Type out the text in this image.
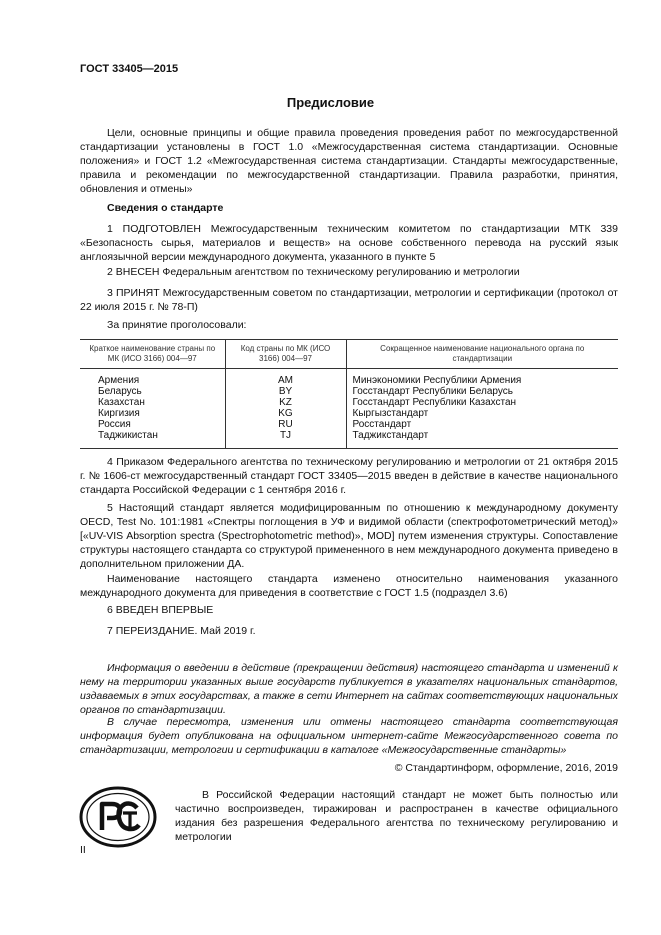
ГОСТ 33405—2015
Предисловие
Цели, основные принципы и общие правила проведения проведения работ по межгосударственной стандартизации установлены в ГОСТ 1.0 «Межгосударственная система стандартизации. Основные положения» и ГОСТ 1.2 «Межгосударственная система стандартизации. Стандарты межгосударственные, правила и рекомендации по межгосударственной стандартизации. Правила разработки, принятия, обновления и отмены»
Сведения о стандарте
1 ПОДГОТОВЛЕН Межгосударственным техническим комитетом по стандартизации МТК 339 «Безопасность сырья, материалов и веществ» на основе собственного перевода на русский язык англоязычной версии международного документа, указанного в пункте 5
2 ВНЕСЕН Федеральным агентством по техническому регулированию и метрологии
3 ПРИНЯТ Межгосударственным советом по стандартизации, метрологии и сертификации (протокол от 22 июля 2015 г. № 78-П)
За принятие проголосовали:
Краткое наименование страны по МК (ИСО 3166) 004—97	Код страны по МК (ИСО 3166) 004—97	Сокращенное наименование национального органа по стандартизации
Армения	AM	Минэкономики Республики Армения
Беларусь	BY	Госстандарт Республики Беларусь
Казахстан	KZ	Госстандарт Республики Казахстан
Киргизия	KG	Кыргызстандарт
Россия	RU	Росстандарт
Таджикистан	TJ	Таджикстандарт
4 Приказом Федерального агентства по техническому регулированию и метрологии от 21 октября 2015 г. № 1606-ст межгосударственный стандарт ГОСТ 33405—2015 введен в действие в качестве национального стандарта Российской Федерации с 1 сентября 2016 г.
5 Настоящий стандарт является модифицированным по отношению к международному документу OECD, Test No. 101:1981 «Спектры поглощения в УФ и видимой области (спектрофотометрический метод)» [«UV-VIS Absorption spectra (Spectrophotometric method)», MOD] путем изменения структуры. Сопоставление структуры настоящего стандарта со структурой примененного в нем международного документа приведено в дополнительном приложении ДА.
Наименование настоящего стандарта изменено относительно наименования указанного международного документа для приведения в соответствие с ГОСТ 1.5 (подраздел 3.6)
6 ВВЕДЕН ВПЕРВЫЕ
7 ПЕРЕИЗДАНИЕ. Май 2019 г.
Информация о введении в действие (прекращении действия) настоящего стандарта и изменений к нему на территории указанных выше государств публикуется в указателях национальных стандартов, издаваемых в этих государствах, а также в сети Интернет на сайтах соответствующих национальных органов по стандартизации.
В случае пересмотра, изменения или отмены настоящего стандарта соответствующая информация будет опубликована на официальном интернет-сайте Межгосударственного совета по стандартизации, метрологии и сертификации в каталоге «Межгосударственные стандарты»
© Стандартинформ, оформление, 2016, 2019
В Российской Федерации настоящий стандарт не может быть полностью или частично воспроизведен, тиражирован и распространен в качестве официального издания без разрешения Федерального агентства по техническому регулированию и метрологии
II
